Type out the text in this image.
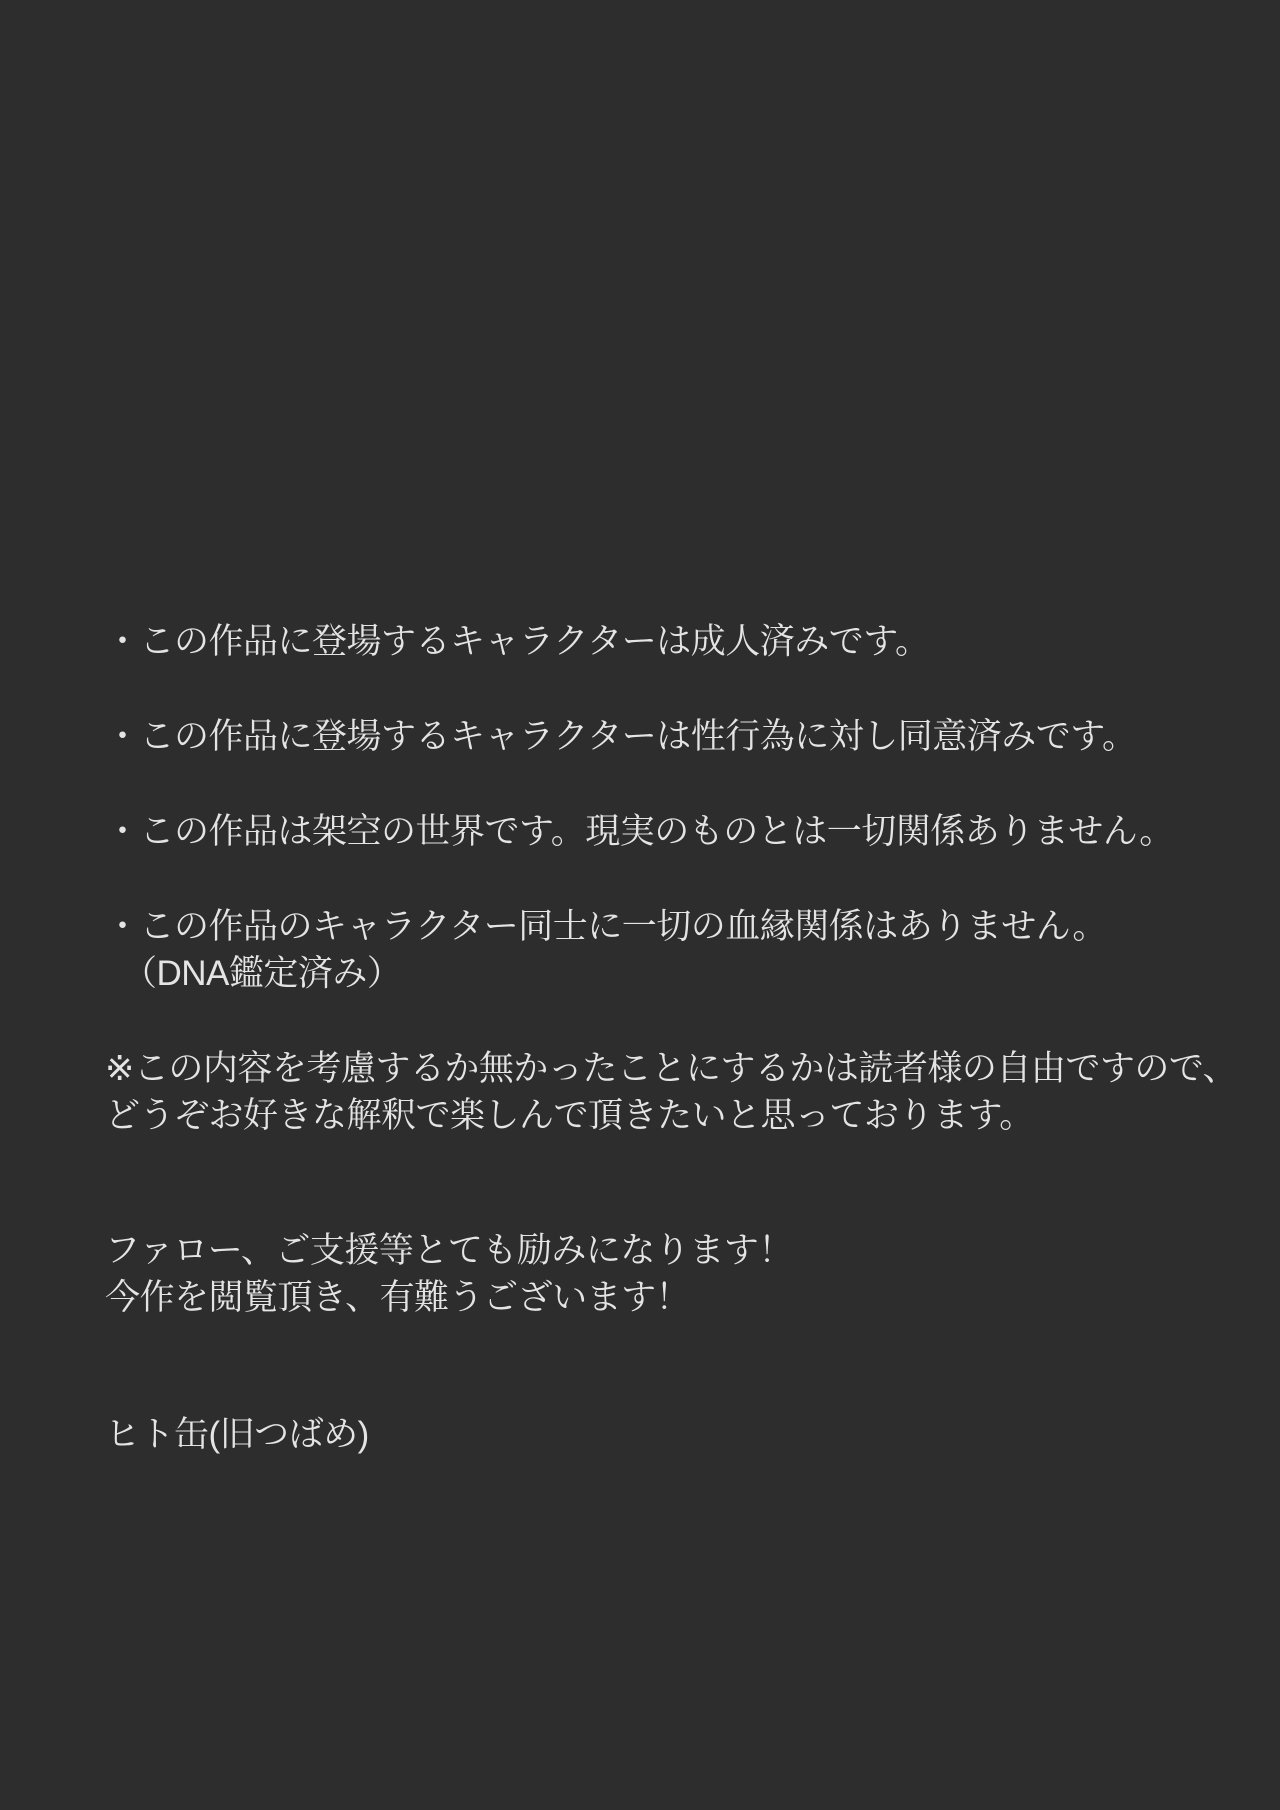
・この作品に登場するキャラクターは成人済みです。
・この作品に登場するキャラクターは性行為に対し同意済みです。
・この作品は架空の世界です。現実のものとは一切関係ありません。
・この作品のキャラクター同士に一切の血縁関係はありません。
　（DNA鑑定済み）
※この内容を考慮するか無かったことにするかは読者様の自由ですので、
どうぞお好きな解釈で楽しんで頂きたいと思っております。
ファロー、ご支援等とても励みになります！
今作を閲覧頂き、有難うございます！
ヒト缶(旧つばめ)
